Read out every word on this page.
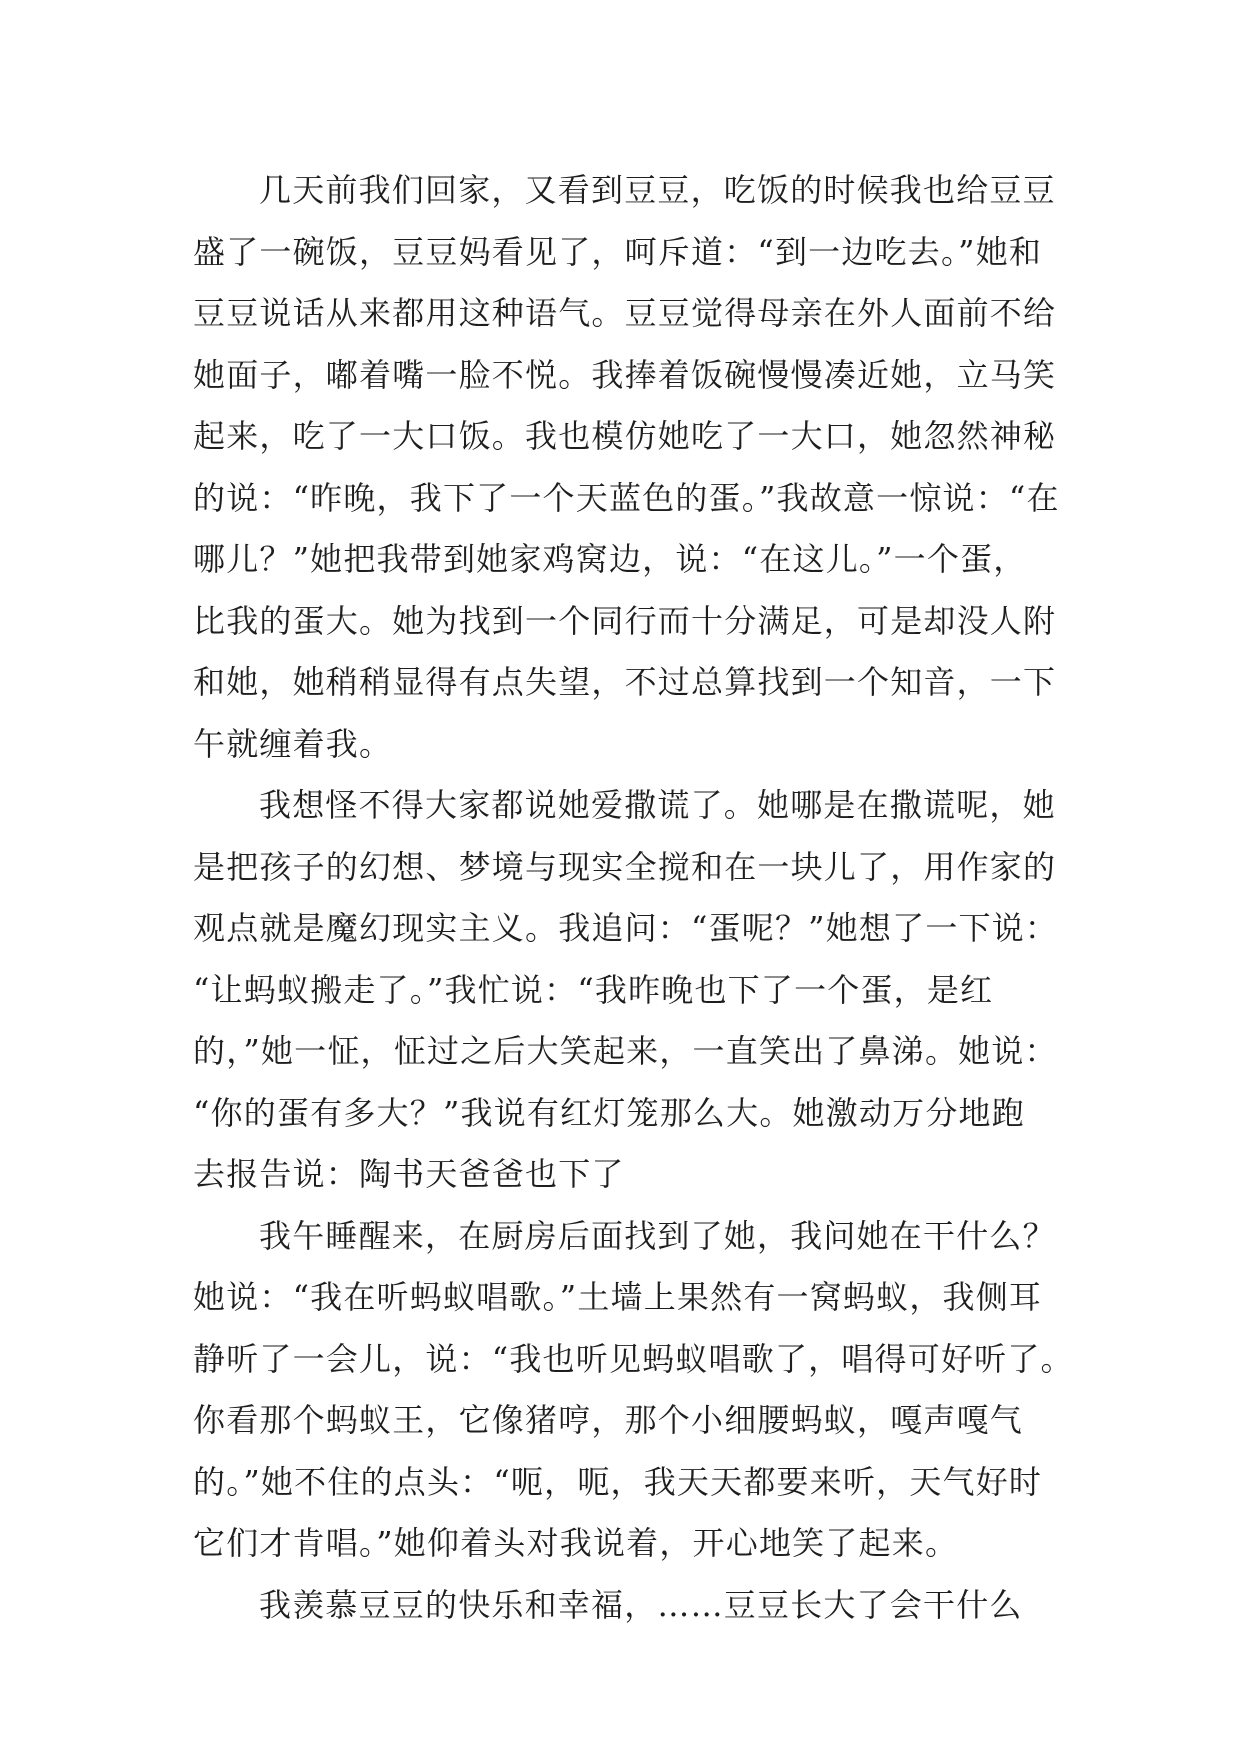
几天前我们回家，又看到豆豆，吃饭的时候我也给豆豆
盛了一碗饭，豆豆妈看见了，呵斥道：“到一边吃去。”她和
豆豆说话从来都用这种语气。豆豆觉得母亲在外人面前不给
她面子，嘟着嘴一脸不悦。我捧着饭碗慢慢凑近她，立马笑
起来，吃了一大口饭。我也模仿她吃了一大口，她忽然神秘
的说：“昨晚，我下了一个天蓝色的蛋。”我故意一惊说：“在
哪儿？”她把我带到她家鸡窝边，说：“在这儿。”一个蛋，
比我的蛋大。她为找到一个同行而十分满足，可是却没人附
和她，她稍稍显得有点失望，不过总算找到一个知音，一下
午就缠着我。
我想怪不得大家都说她爱撒谎了。她哪是在撒谎呢，她
是把孩子的幻想、梦境与现实全搅和在一块儿了，用作家的
观点就是魔幻现实主义。我追问：“蛋呢？”她想了一下说：
“让蚂蚁搬走了。”我忙说：“我昨晚也下了一个蛋，是红
的，”她一怔，怔过之后大笑起来，一直笑出了鼻涕。她说：
“你的蛋有多大？”我说有红灯笼那么大。她激动万分地跑
去报告说：陶书天爸爸也下了
我午睡醒来，在厨房后面找到了她，我问她在干什么？
她说：“我在听蚂蚁唱歌。”土墙上果然有一窝蚂蚁，我侧耳
静听了一会儿，说：“我也听见蚂蚁唱歌了，唱得可好听了。
你看那个蚂蚁王，它像猪哼，那个小细腰蚂蚁，嘎声嘎气
的。”她不住的点头：“呃，呃，我天天都要来听，天气好时
它们才肯唱。”她仰着头对我说着，开心地笑了起来。
我羡慕豆豆的快乐和幸福，……豆豆长大了会干什么
